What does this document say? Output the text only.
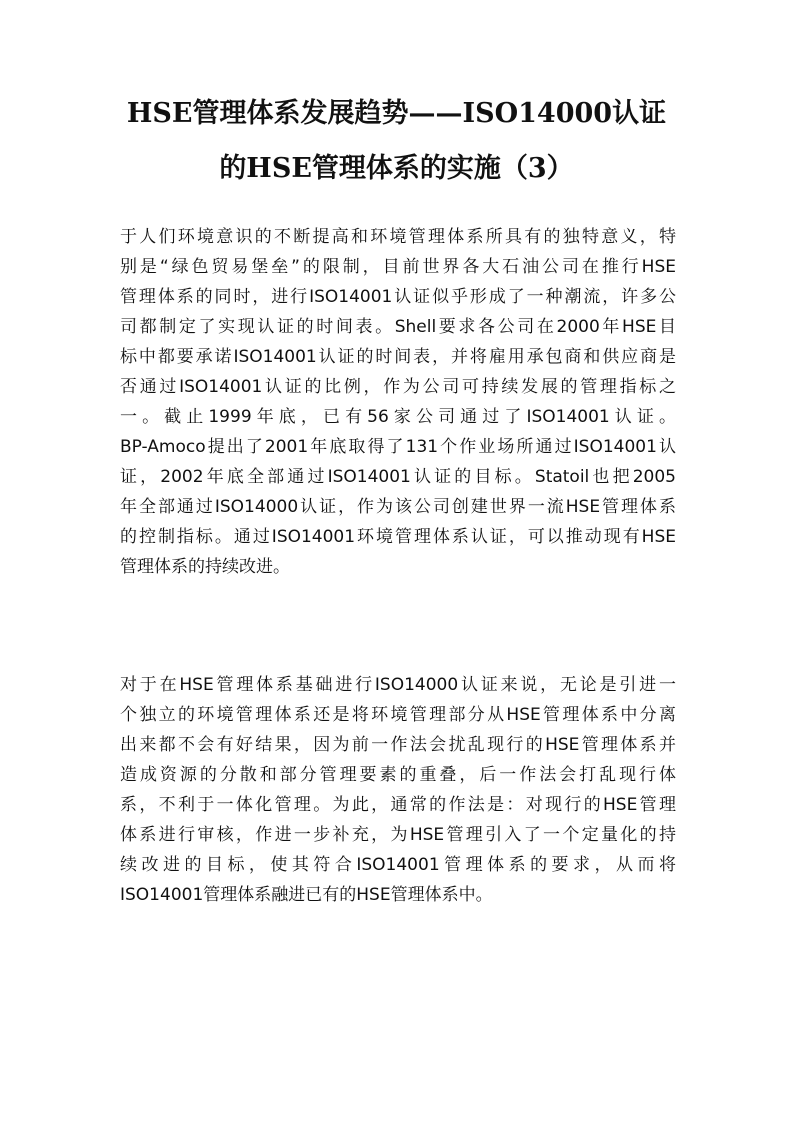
HSE管理体系发展趋势——ISO14000认证
的HSE管理体系的实施（3）
于人们环境意识的不断提高和环境管理体系所具有的独特意义，特
别是“绿色贸易堡垒”的限制，目前世界各大石油公司在推行HSE
管理体系的同时，进行ISO14001认证似乎形成了一种潮流，许多公
司都制定了实现认证的时间表。Shell要求各公司在2000年HSE目
标中都要承诺ISO14001认证的时间表，并将雇用承包商和供应商是
否通过ISO14001认证的比例，作为公司可持续发展的管理指标之
一。截止1999年底，已有56家公司通过了ISO14001认证。
BP-Amoco提出了2001年底取得了131个作业场所通过ISO14001认
证，2002年底全部通过ISO14001认证的目标。Statoil也把2005
年全部通过ISO14000认证，作为该公司创建世界一流HSE管理体系
的控制指标。通过ISO14001环境管理体系认证，可以推动现有HSE
管理体系的持续改进。
对于在HSE管理体系基础进行ISO14000认证来说，无论是引进一
个独立的环境管理体系还是将环境管理部分从HSE管理体系中分离
出来都不会有好结果，因为前一作法会扰乱现行的HSE管理体系并
造成资源的分散和部分管理要素的重叠，后一作法会打乱现行体
系，不利于一体化管理。为此，通常的作法是：对现行的HSE管理
体系进行审核，作进一步补充，为HSE管理引入了一个定量化的持
续改进的目标，使其符合ISO14001管理体系的要求，从而将
ISO14001管理体系融进已有的HSE管理体系中。
